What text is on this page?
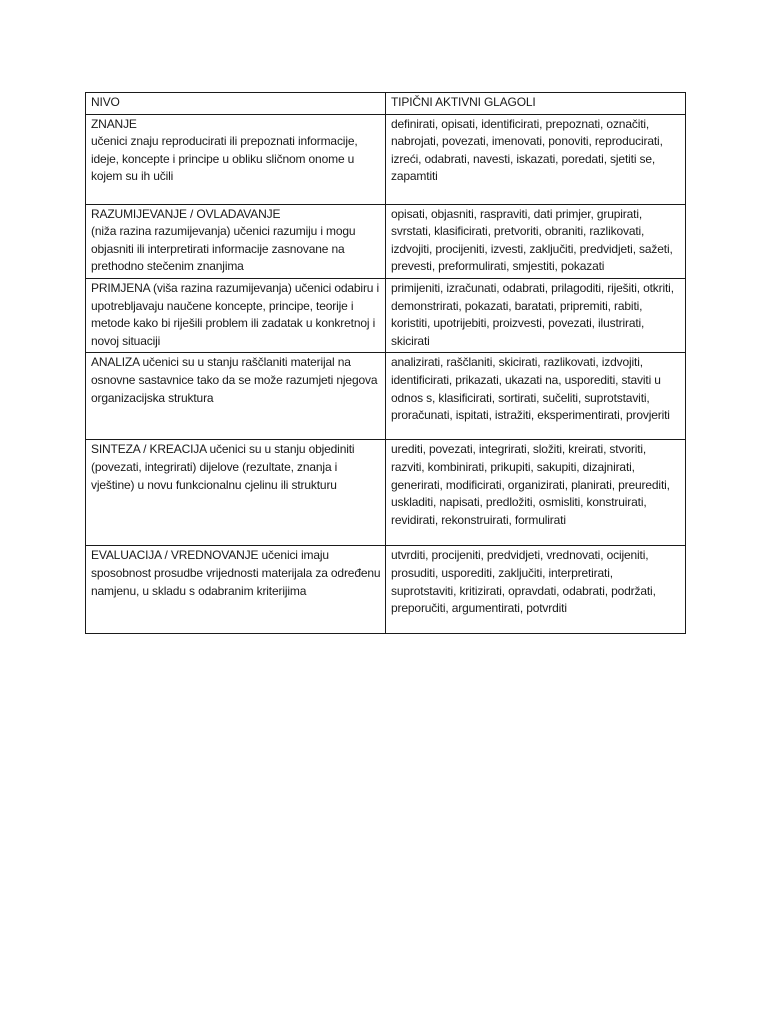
NIVO	TIPIČNI AKTIVNI GLAGOLI

ZNANJE
učenici znaju reproducirati ili prepoznati informacije, ideje, koncepte i principe u obliku sličnom onome u kojem su ih učili	definirati, opisati, identificirati, prepoznati, označiti, nabrojati, povezati, imenovati, ponoviti, reproducirati, izreći, odabrati, navesti, iskazati, poredati, sjetiti se, zapamtiti

RAZUMIJEVANJE / OVLADAVANJE
(niža razina razumijevanja) učenici razumiju i mogu objasniti ili interpretirati informacije zasnovane na prethodno stečenim znanjima	opisati, objasniti, raspraviti, dati primjer, grupirati, svrstati, klasificirati, pretvoriti, obraniti, razlikovati, izdvojiti, procijeniti, izvesti, zaključiti, predvidjeti, sažeti, prevesti, preformulirati, smjestiti, pokazati
PRIMJENA (viša razina razumijevanja) učenici odabiru i upotrebljavaju naučene koncepte, principe, teorije i metode kako bi riješili problem ili zadatak u konkretnoj i novoj situaciji	primijeniti, izračunati, odabrati, prilagoditi, riješiti, otkriti, demonstrirati, pokazati, baratati, pripremiti, rabiti, koristiti, upotrijebiti, proizvesti, povezati, ilustrirati, skicirati
ANALIZA učenici su u stanju raščlaniti materijal na osnovne sastavnice tako da se može razumjeti njegova organizacijska struktura	analizirati, raščlaniti, skicirati, razlikovati, izdvojiti, identificirati, prikazati, ukazati na, usporediti, staviti u odnos s, klasificirati, sortirati, sučeliti, suprotstaviti, proračunati, ispitati, istražiti, eksperimentirati, provjeriti
SINTEZA / KREACIJA učenici su u stanju objediniti (povezati, integrirati) dijelove (rezultate, znanja i vještine) u novu funkcionalnu cjelinu ili strukturu	urediti, povezati, integrirati, složiti, kreirati, stvoriti, razviti, kombinirati, prikupiti, sakupiti, dizajnirati, generirati, modificirati, organizirati, planirati, preurediti, uskladiti, napisati, predložiti, osmisliti, konstruirati, revidirati, rekonstruirati, formulirati
EVALUACIJA / VREDNOVANJE učenici imaju sposobnost prosudbe vrijednosti materijala za određenu namjenu, u skladu s odabranim kriterijima	utvrditi, procijeniti, predvidjeti, vrednovati, ocijeniti, prosuditi, usporediti, zaključiti, interpretirati, suprotstaviti, kritizirati, opravdati, odabrati, podržati, preporučiti, argumentirati, potvrditi
